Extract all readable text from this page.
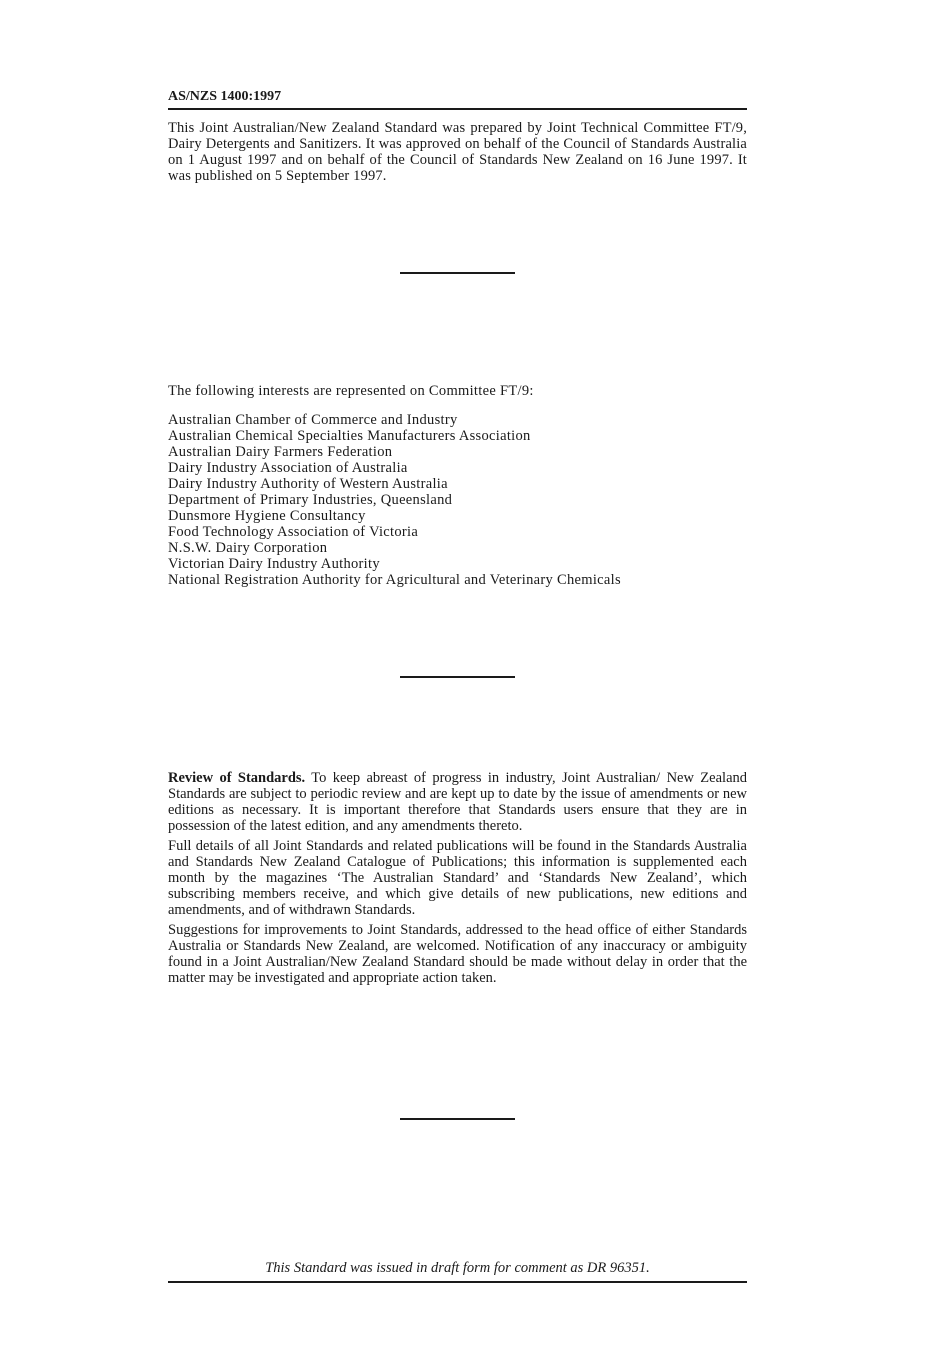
AS/NZS 1400:1997

This Joint Australian/New Zealand Standard was prepared by Joint Technical Committee FT/9, Dairy Detergents and Sanitizers. It was approved on behalf of the Council of Standards Australia on 1 August 1997 and on behalf of the Council of Standards New Zealand on 16 June 1997. It was published on 5 September 1997.

The following interests are represented on Committee FT/9:

Australian Chamber of Commerce and Industry
Australian Chemical Specialties Manufacturers Association
Australian Dairy Farmers Federation
Dairy Industry Association of Australia
Dairy Industry Authority of Western Australia
Department of Primary Industries, Queensland
Dunsmore Hygiene Consultancy
Food Technology Association of Victoria
N.S.W. Dairy Corporation
Victorian Dairy Industry Authority
National Registration Authority for Agricultural and Veterinary Chemicals

Review of Standards. To keep abreast of progress in industry, Joint Australian/ New Zealand Standards are subject to periodic review and are kept up to date by the issue of amendments or new editions as necessary. It is important therefore that Standards users ensure that they are in possession of the latest edition, and any amendments thereto.

Full details of all Joint Standards and related publications will be found in the Standards Australia and Standards New Zealand Catalogue of Publications; this information is supplemented each month by the magazines ‘The Australian Standard’ and ‘Standards New Zealand’, which subscribing members receive, and which give details of new publications, new editions and amendments, and of withdrawn Standards.

Suggestions for improvements to Joint Standards, addressed to the head office of either Standards Australia or Standards New Zealand, are welcomed. Notification of any inaccuracy or ambiguity found in a Joint Australian/New Zealand Standard should be made without delay in order that the matter may be investigated and appropriate action taken.

This Standard was issued in draft form for comment as DR 96351.
